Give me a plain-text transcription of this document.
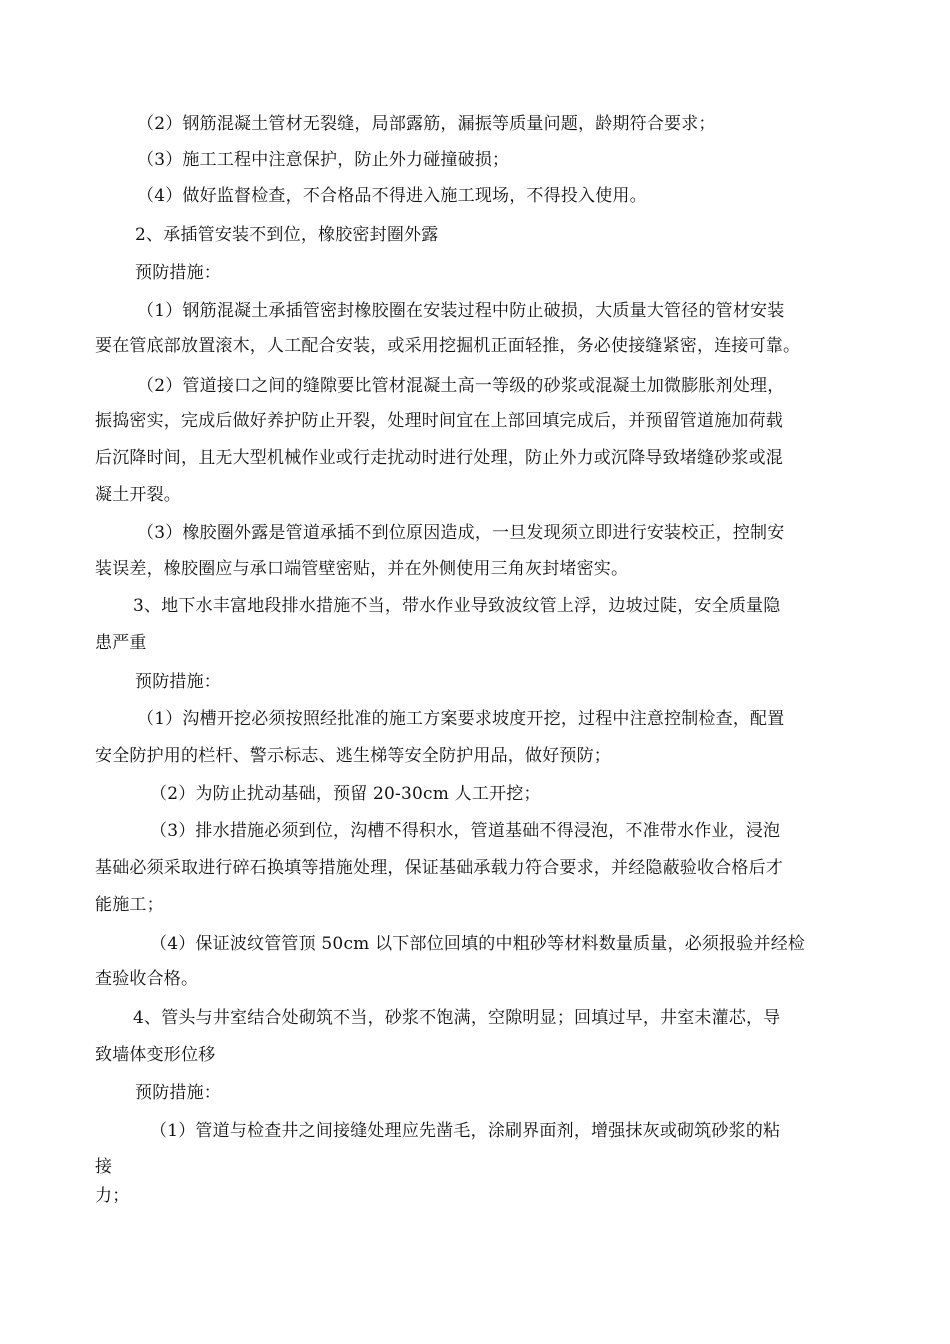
（2）钢筋混凝土管材无裂缝，局部露筋，漏振等质量问题，龄期符合要求；

（3）施工工程中注意保护，防止外力碰撞破损；

（4）做好监督检查，不合格品不得进入施工现场，不得投入使用。

2、承插管安装不到位，橡胶密封圈外露

预防措施：

（1）钢筋混凝土承插管密封橡胶圈在安装过程中防止破损，大质量大管径的管材安装

要在管底部放置滚木，人工配合安装，或采用挖掘机正面轻推，务必使接缝紧密，连接可靠。

（2）管道接口之间的缝隙要比管材混凝土高一等级的砂浆或混凝土加微膨胀剂处理，

振捣密实，完成后做好养护防止开裂，处理时间宜在上部回填完成后，并预留管道施加荷载

后沉降时间，且无大型机械作业或行走扰动时进行处理，防止外力或沉降导致堵缝砂浆或混

凝土开裂。

（3）橡胶圈外露是管道承插不到位原因造成，一旦发现须立即进行安装校正，控制安

装误差，橡胶圈应与承口端管壁密贴，并在外侧使用三角灰封堵密实。

3、地下水丰富地段排水措施不当，带水作业导致波纹管上浮，边坡过陡，安全质量隐

患严重

预防措施：

（1）沟槽开挖必须按照经批准的施工方案要求坡度开挖，过程中注意控制检查，配置

安全防护用的栏杆、警示标志、逃生梯等安全防护用品，做好预防；

（2）为防止扰动基础，预留 20-30cm 人工开挖；

（3）排水措施必须到位，沟槽不得积水，管道基础不得浸泡，不准带水作业，浸泡

基础必须采取进行碎石换填等措施处理，保证基础承载力符合要求，并经隐蔽验收合格后才

能施工；

（4）保证波纹管管顶 50cm 以下部位回填的中粗砂等材料数量质量，必须报验并经检

查验收合格。

4、管头与井室结合处砌筑不当，砂浆不饱满，空隙明显；回填过早，井室未灌芯，导

致墙体变形位移

预防措施：

（1）管道与检查井之间接缝处理应先凿毛，涂刷界面剂，增强抹灰或砌筑砂浆的粘

接

力；
